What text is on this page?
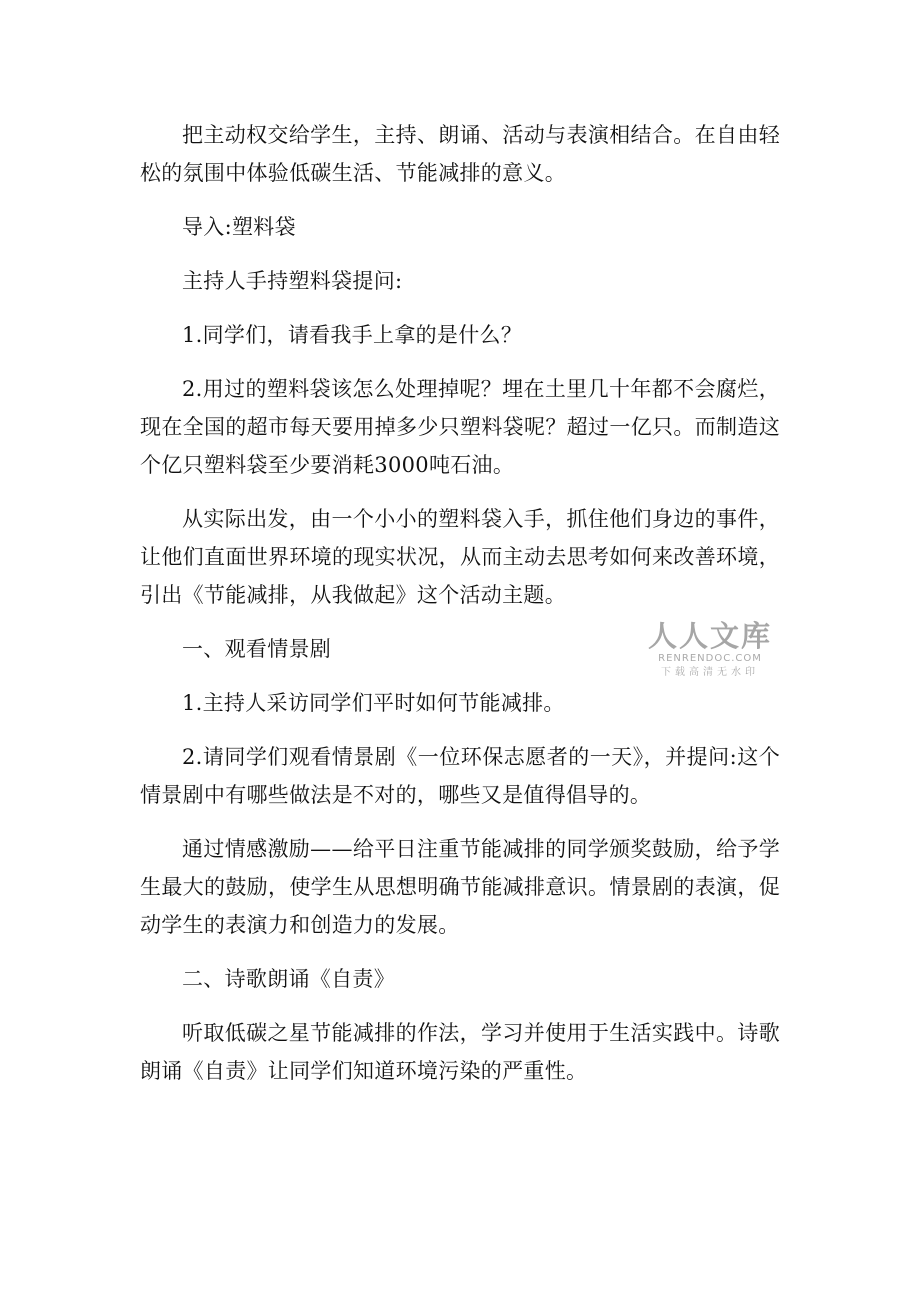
把主动权交给学生，主持、朗诵、活动与表演相结合。在自由轻松的氛围中体验低碳生活、节能减排的意义。

导入:塑料袋

主持人手持塑料袋提问:

1.同学们，请看我手上拿的是什么？

2.用过的塑料袋该怎么处理掉呢？埋在土里几十年都不会腐烂，现在全国的超市每天要用掉多少只塑料袋呢？超过一亿只。而制造这个亿只塑料袋至少要消耗3000吨石油。

从实际出发，由一个小小的塑料袋入手，抓住他们身边的事件，让他们直面世界环境的现实状况，从而主动去思考如何来改善环境，引出《节能减排，从我做起》这个活动主题。

一、观看情景剧

1.主持人采访同学们平时如何节能减排。

2.请同学们观看情景剧《一位环保志愿者的一天》，并提问:这个情景剧中有哪些做法是不对的，哪些又是值得倡导的。

通过情感激励——给平日注重节能减排的同学颁奖鼓励，给予学生最大的鼓励，使学生从思想明确节能减排意识。情景剧的表演，促动学生的表演力和创造力的发展。

二、诗歌朗诵《自责》

听取低碳之星节能减排的作法，学习并使用于生活实践中。诗歌朗诵《自责》让同学们知道环境污染的严重性。

人人文库
RENRENDOC.COM
下载高清无水印
